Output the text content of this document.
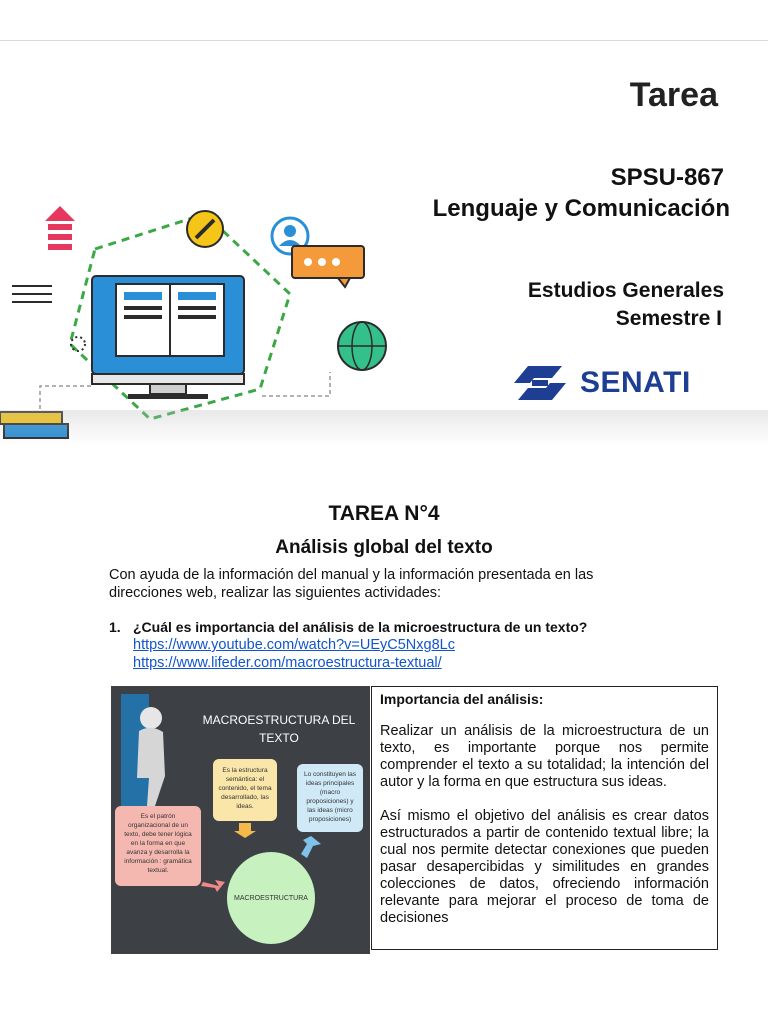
Tarea
SPSU-867
Lenguaje y Comunicación
Estudios Generales
Semestre I
SENATI
TAREA N°4
Análisis global del texto
Con ayuda de la información del manual y la información presentada en las direcciones web, realizar las siguientes actividades:
1. ¿Cuál es importancia del análisis de la microestructura de un texto?
https://www.youtube.com/watch?v=UEyC5Nxg8Lc
https://www.lifeder.com/macroestructura-textual/
MACROESTRUCTURA DEL
TEXTO
Es la estructura
semántica: el
contenido, el tema
desarrollado, las
ideas.
Lo constituyen las
ideas principales
(macro
proposiciones) y
las ideas (micro
proposiciones)
Es el patrón
organizacional de un
texto, debe tener lógica
en la forma en que
avanza y desarrolla la
información : gramática
textual.
MACROESTRUCTURA
Importancia del análisis:

Realizar un análisis de la microestructura de un texto, es importante porque nos permite comprender el texto a su totalidad; la intención del autor y la forma en que estructura sus ideas.

Así mismo el objetivo del análisis es crear datos estructurados a partir de contenido textual libre; la cual nos permite detectar conexiones que pueden pasar desapercibidas y similitudes en grandes colecciones de datos, ofreciendo información relevante para mejorar el proceso de toma de decisiones
